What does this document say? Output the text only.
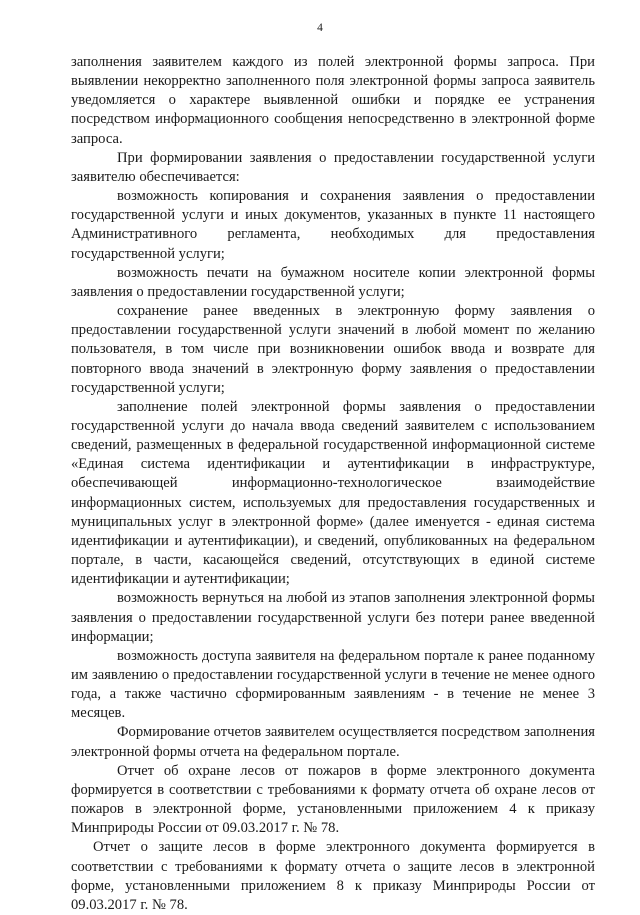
4

заполнения заявителем каждого из полей электронной формы запроса. При выявлении некорректно заполненного поля электронной формы запроса заявитель уведомляется о характере выявленной ошибки и порядке ее устранения посредством информационного сообщения непосредственно в электронной форме запроса.

При формировании заявления о предоставлении государственной услуги заявителю обеспечивается:

возможность копирования и сохранения заявления о предоставлении государственной услуги и иных документов, указанных в пункте 11 настоящего Административного регламента, необходимых для предоставления государственной услуги;

возможность печати на бумажном носителе копии электронной формы заявления о предоставлении государственной услуги;

сохранение ранее введенных в электронную форму заявления о предоставлении государственной услуги значений в любой момент по желанию пользователя, в том числе при возникновении ошибок ввода и возврате для повторного ввода значений в электронную форму заявления о предоставлении государственной услуги;

заполнение полей электронной формы заявления о предоставлении государственной услуги до начала ввода сведений заявителем с использованием сведений, размещенных в федеральной государственной информационной системе «Единая система идентификации и аутентификации в инфраструктуре, обеспечивающей информационно-технологическое взаимодействие информационных систем, используемых для предоставления государственных и муниципальных услуг в электронной форме» (далее именуется - единая система идентификации и аутентификации), и сведений, опубликованных на федеральном портале, в части, касающейся сведений, отсутствующих в единой системе идентификации и аутентификации;

возможность вернуться на любой из этапов заполнения электронной формы заявления о предоставлении государственной услуги без потери ранее введенной информации;

возможность доступа заявителя на федеральном портале к ранее поданному им заявлению о предоставлении государственной услуги в течение не менее одного года, а также частично сформированным заявлениям - в течение не менее 3 месяцев.

Формирование отчетов заявителем осуществляется посредством заполнения электронной формы отчета на федеральном портале.

Отчет об охране лесов от пожаров в форме электронного документа формируется в соответствии с требованиями к формату отчета об охране лесов от пожаров в электронной форме, установленными приложением 4 к приказу Минприроды России от 09.03.2017 г. № 78.

Отчет о защите лесов в форме электронного документа формируется в соответствии с требованиями к формату отчета о защите лесов в электронной форме, установленными приложением 8 к приказу Минприроды России от 09.03.2017 г. № 78.
